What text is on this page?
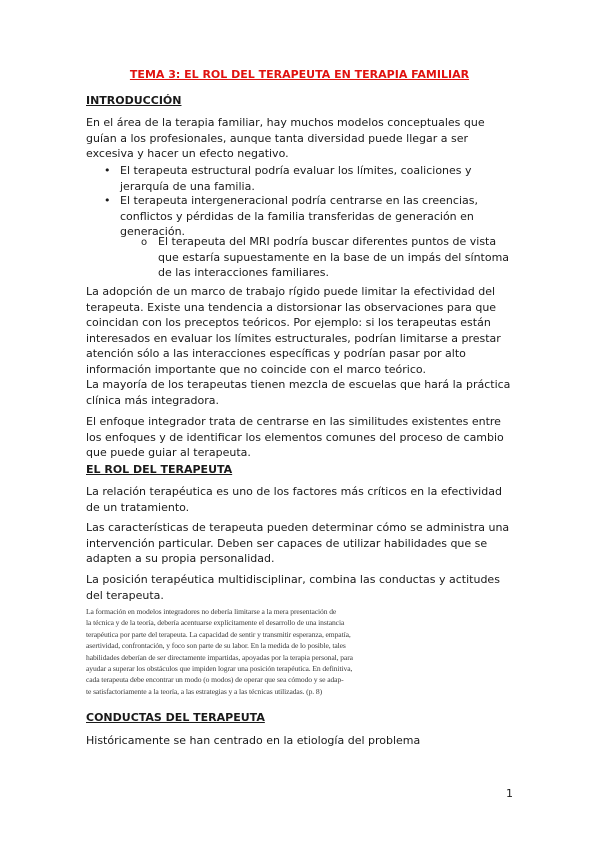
TEMA 3: EL ROL DEL TERAPEUTA EN TERAPIA FAMILIAR
INTRODUCCIÓN

En el área de la terapia familiar, hay muchos modelos conceptuales que
guían a los profesionales, aunque tanta diversidad puede llegar a ser
excesiva y hacer un efecto negativo.

• El terapeuta estructural podría evaluar los límites, coaliciones y
jerarquía de una familia.
• El terapeuta intergeneracional podría centrarse en las creencias,
conflictos y pérdidas de la familia transferidas de generación en
generación.
o El terapeuta del MRI podría buscar diferentes puntos de vista
que estaría supuestamente en la base de un impás del síntoma
de las interacciones familiares.

La adopción de un marco de trabajo rígido puede limitar la efectividad del
terapeuta. Existe una tendencia a distorsionar las observaciones para que
coincidan con los preceptos teóricos. Por ejemplo: si los terapeutas están
interesados en evaluar los límites estructurales, podrían limitarse a prestar
atención sólo a las interacciones específicas y podrían pasar por alto
información importante que no coincide con el marco teórico.

La mayoría de los terapeutas tienen mezcla de escuelas que hará la práctica
clínica más integradora.

El enfoque integrador trata de centrarse en las similitudes existentes entre
los enfoques y de identificar los elementos comunes del proceso de cambio
que puede guiar al terapeuta.

EL ROL DEL TERAPEUTA

La relación terapéutica es uno de los factores más críticos en la efectividad
de un tratamiento.

Las características de terapeuta pueden determinar cómo se administra una
intervención particular. Deben ser capaces de utilizar habilidades que se
adapten a su propia personalidad.

La posición terapéutica multidisciplinar, combina las conductas y actitudes
del terapeuta.

La formación en modelos integradores no debería limitarse a la mera presentación de
la técnica y de la teoría, debería acentuarse explícitamente el desarrollo de una instancia
terapéutica por parte del terapeuta. La capacidad de sentir y transmitir esperanza, empatía,
asertividad, confrontación, y foco son parte de su labor. En la medida de lo posible, tales
habilidades deberían de ser directamente impartidas, apoyadas por la terapia personal, para
ayudar a superar los obstáculos que impiden lograr una posición terapéutica. En definitiva,
cada terapeuta debe encontrar un modo (o modos) de operar que sea cómodo y se adap-
te satisfactoriamente a la teoría, a las estrategias y a las técnicas utilizadas. (p. 8)
CONDUCTAS DEL TERAPEUTA

Históricamente se han centrado en la etiología del problema

1
